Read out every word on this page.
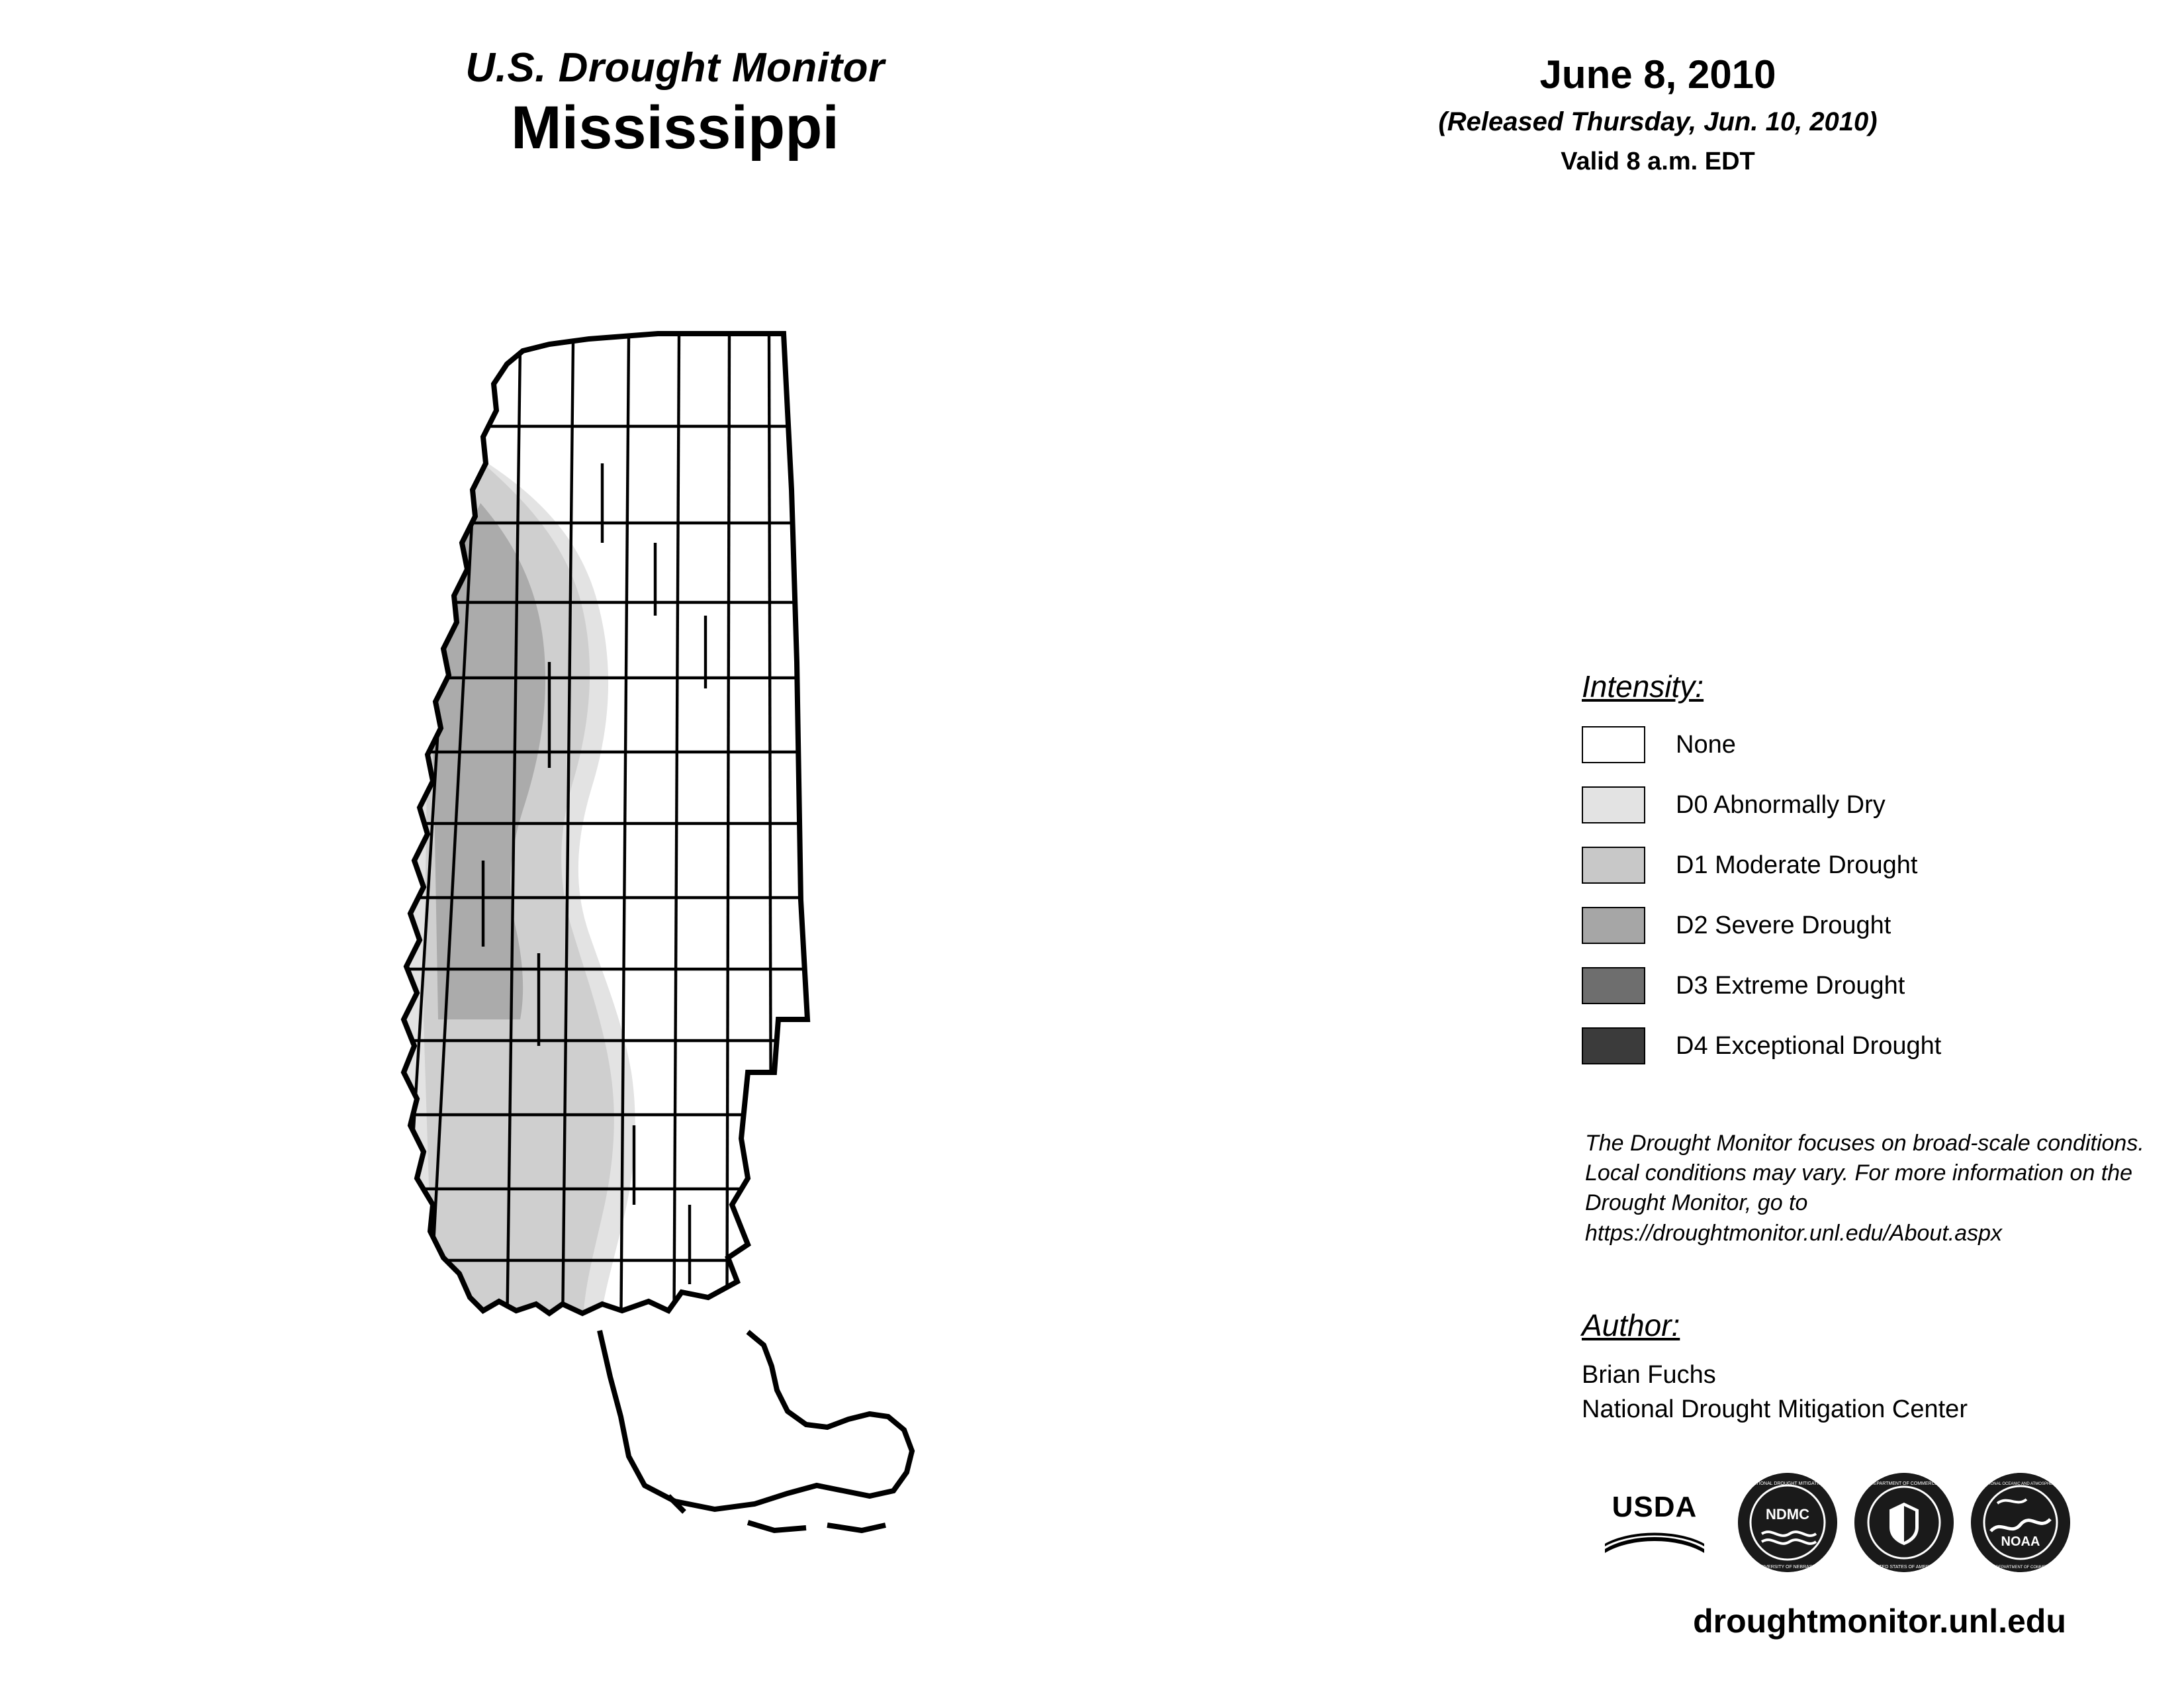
U.S. Drought Monitor
Mississippi
June 8, 2010
(Released Thursday, Jun. 10, 2010)
Valid 8 a.m. EDT
Intensity:
None
D0 Abnormally Dry
D1 Moderate Drought
D2 Severe Drought
D3 Extreme Drought
D4 Exceptional Drought
The Drought Monitor focuses on broad-scale conditions. Local conditions may vary. For more information on the Drought Monitor, go to https://droughtmonitor.unl.edu/About.aspx
Author:
Brian Fuchs
National Drought Mitigation Center
USDA	NDMC
NATIONAL DROUGHT MITIGATION
UNIVERSITY OF NEBRASKA
DEPARTMENT OF COMMERCE
UNITED STATES OF AMERICA
NOAA
NATIONAL OCEANIC AND ATMOSPHERIC
U.S. DEPARTMENT OF COMMERCE
droughtmonitor.unl.edu
